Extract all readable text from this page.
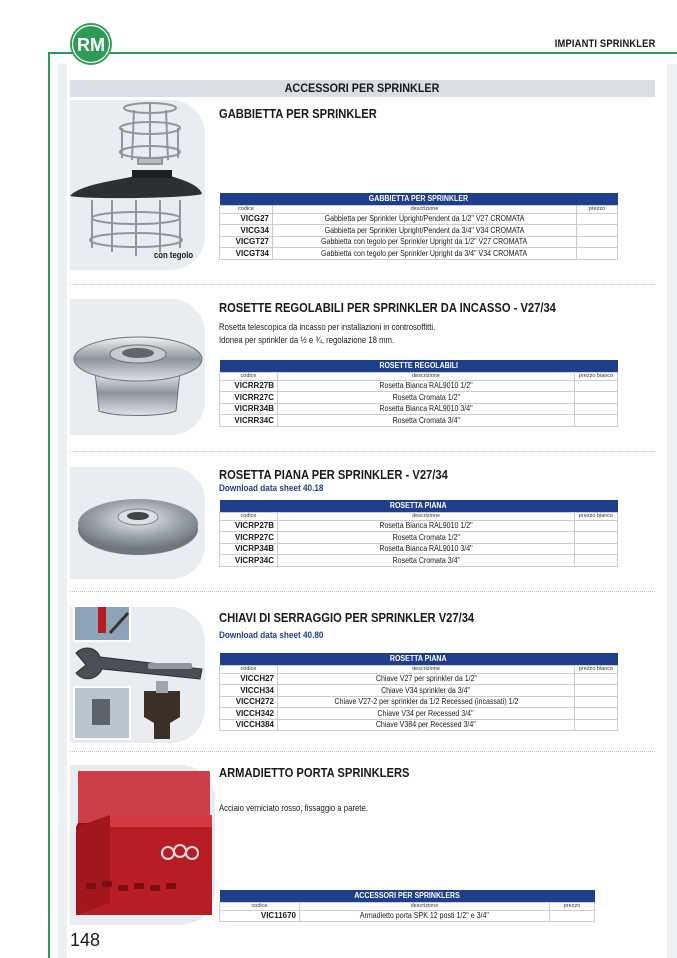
RM	IMPIANTI SPRINKLER
ACCESSORI PER SPRINKLER
con tegolo
GABBIETTA PER SPRINKLER
GABBIETTA PER SPRINKLER		
codice	descrizione	prezzo
VICG27	Gabbietta per Sprinkler Upright/Pendent da 1/2" V27 CROMATA	
VICG34	Gabbietta per Sprinkler Upright/Pendent da 3/4" V34 CROMATA	
VICGT27	Gabbietta con tegolo per Sprinkler Upright da 1/2" V27 CROMATA	
VICGT34	Gabbietta con tegolo per Sprinkler Upright da 3/4" V34 CROMATA	
ROSETTE REGOLABILI PER SPRINKLER DA INCASSO - V27/34
Rosetta telescopica da incasso per installazioni in controsoffitti.
Idonea per sprinkler da ½ e ¾, regolazione 18 mm.
ROSETTE REGOLABILI		
codice	descrizione	prezzo bianco
VICRR27B	Rosetta Bianca RAL9010 1/2"	
VICRR27C	Rosetta Cromata 1/2"	
VICRR34B	Rosetta Bianca RAL9010 3/4"	
VICRR34C	Rosetta Cromata 3/4"	
ROSETTA PIANA PER SPRINKLER - V27/34
Download data sheet 40.18
ROSETTA PIANA		
codice	descrizione	prezzo bianco
VICRP27B	Rosetta Bianca RAL9010 1/2"	
VICRP27C	Rosetta Cromata 1/2"	
VICRP34B	Rosetta Bianca RAL9010 3/4"	
VICRP34C	Rosetta Cromata 3/4"	
CHIAVI DI SERRAGGIO PER SPRINKLER V27/34
Download data sheet 40.80
ROSETTA PIANA		
codice	descrizione	prezzo bianco
VICCH27	Chiave V27 per sprinkler da 1/2"	
VICCH34	Chiave V34 sprinkler da 3/4"	
VICCH272	Chiave V27-2 per sprinkler da 1/2 Recessed (incassati) 1/2	
VICCH342	Chiave V34 per Recessed 3/4"	
VICCH384	Chiave V384 per Recessed 3/4"	
ARMADIETTO PORTA SPRINKLERS
Acciaio verniciato rosso, fissaggio a parete.
ACCESSORI PER SPRINKLERS		
codice	descrizione	prezzo
VIC11670	Armadietto porta SPK 12 posti 1/2" e 3/4"	
148
